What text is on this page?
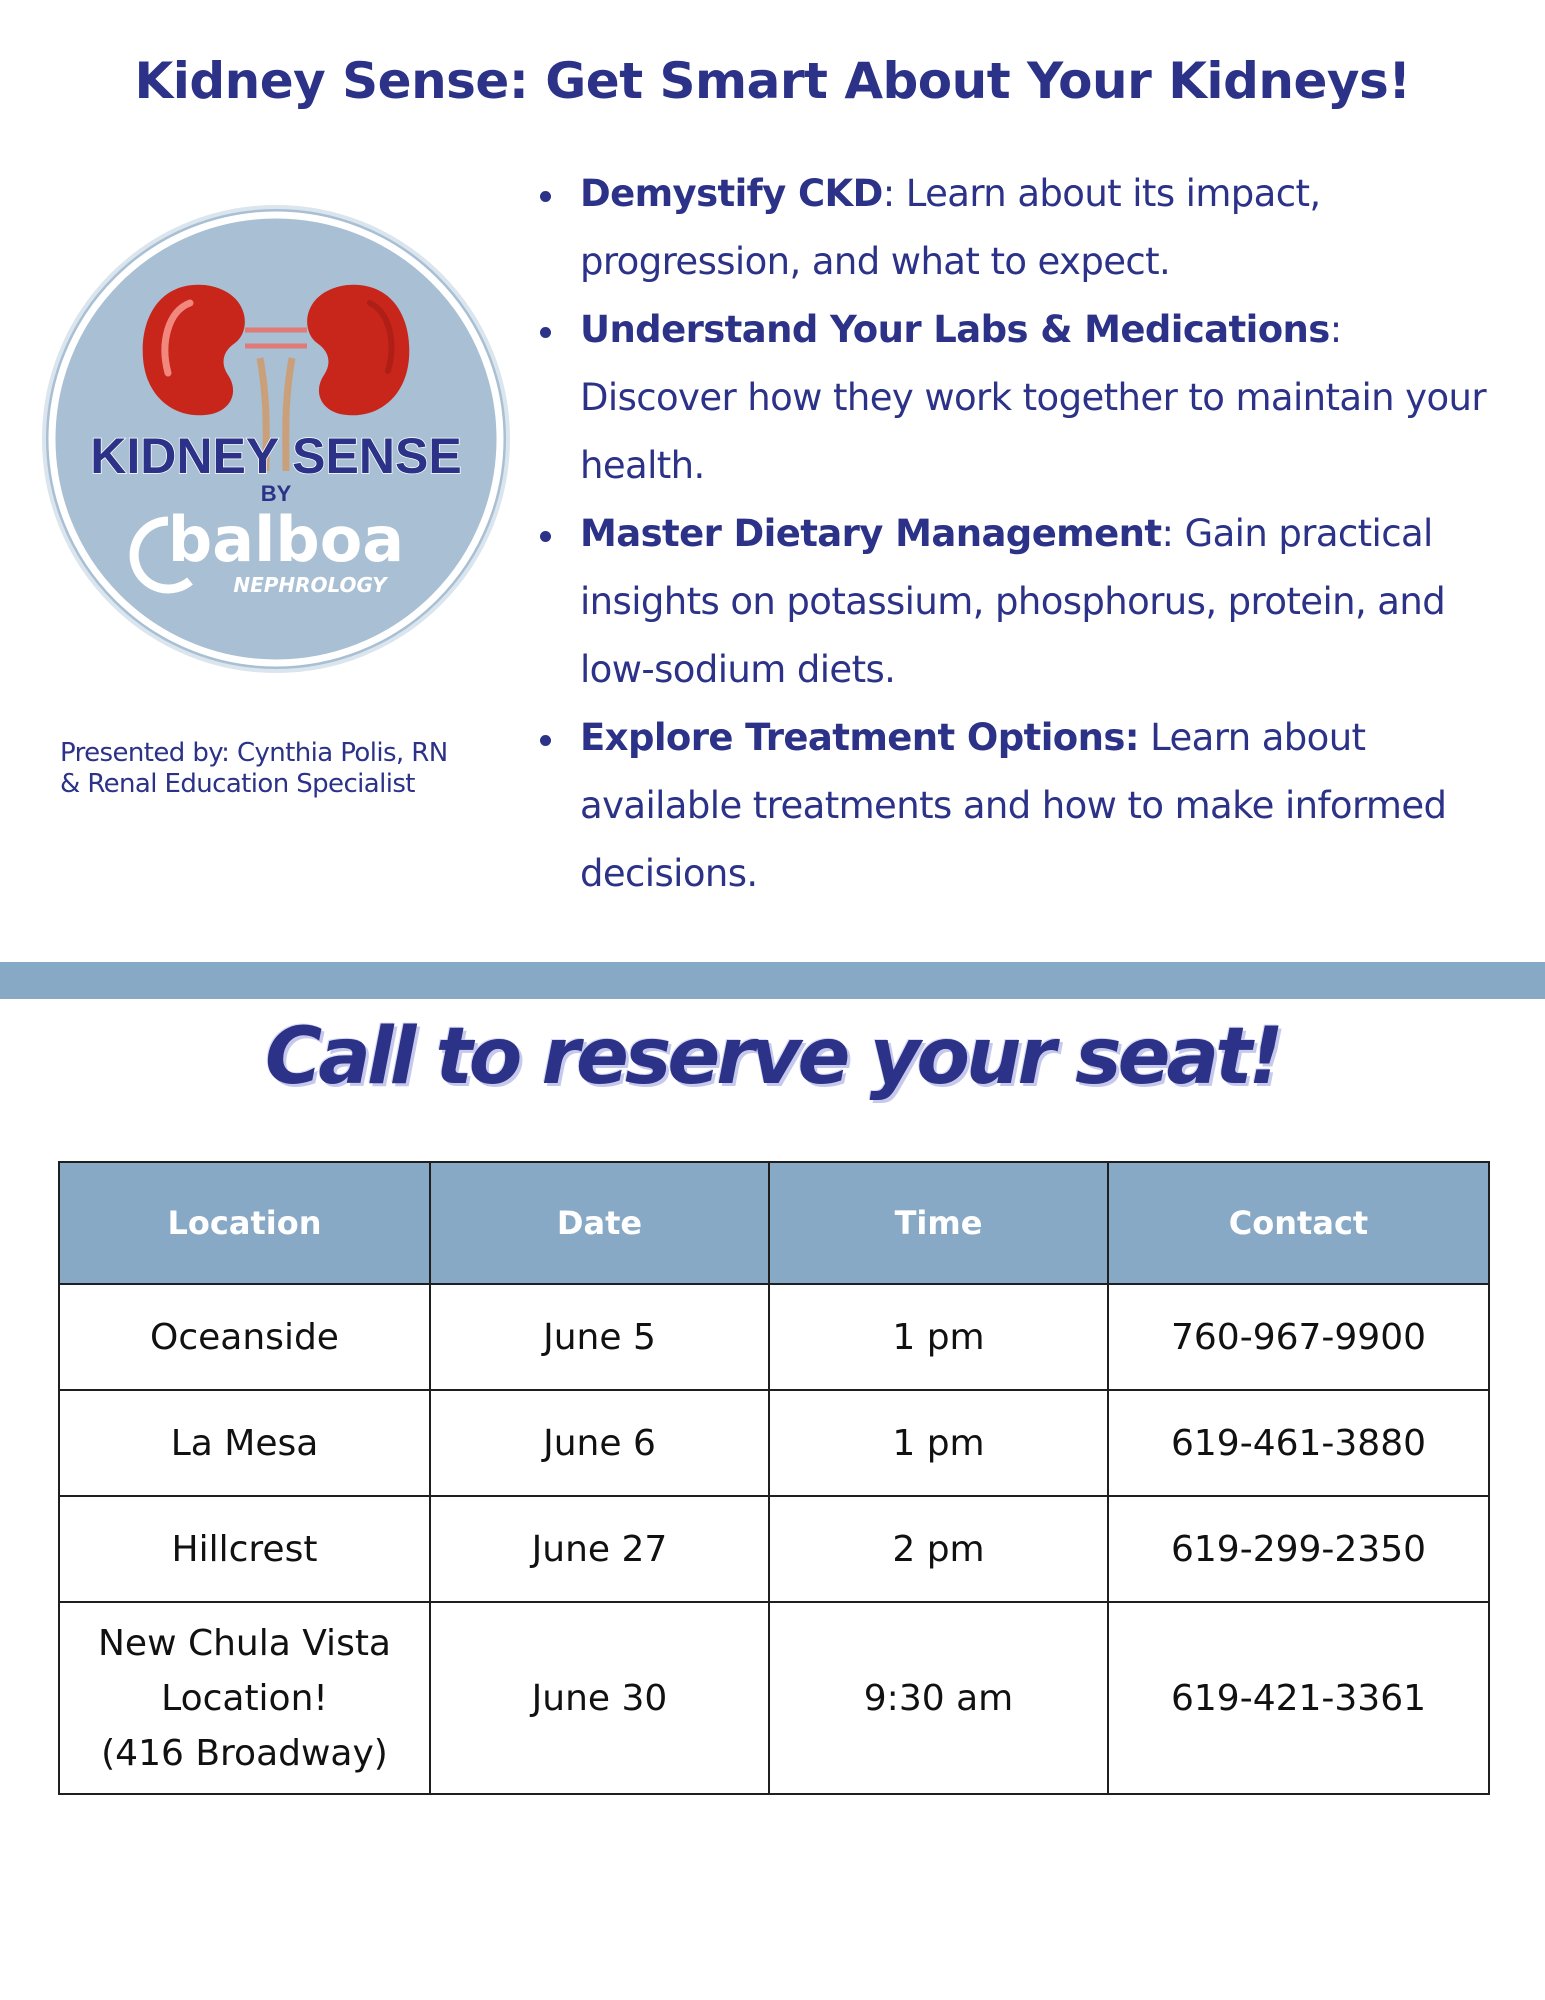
Kidney Sense: Get Smart About Your Kidneys!
KIDNEY SENSE
BY
balboa
NEPHROLOGY
Presented by: Cynthia Polis, RN
& Renal Education Specialist
Demystify CKD: Learn about its impact, progression, and what to expect.
Understand Your Labs & Medications: Discover how they work together to maintain your health.
Master Dietary Management: Gain practical insights on potassium, phosphorus, protein, and low-sodium diets.
Explore Treatment Options: Learn about available treatments and how to make informed decisions.
Call to reserve your seat!
Location	Date	Time	Contact
Oceanside	June 5	1 pm	760-967-9900
La Mesa	June 6	1 pm	619-461-3880
Hillcrest	June 27	2 pm	619-299-2350

New Chula Vista
Location!
(416 Broadway)	June 30	9:30 am	619-421-3361
